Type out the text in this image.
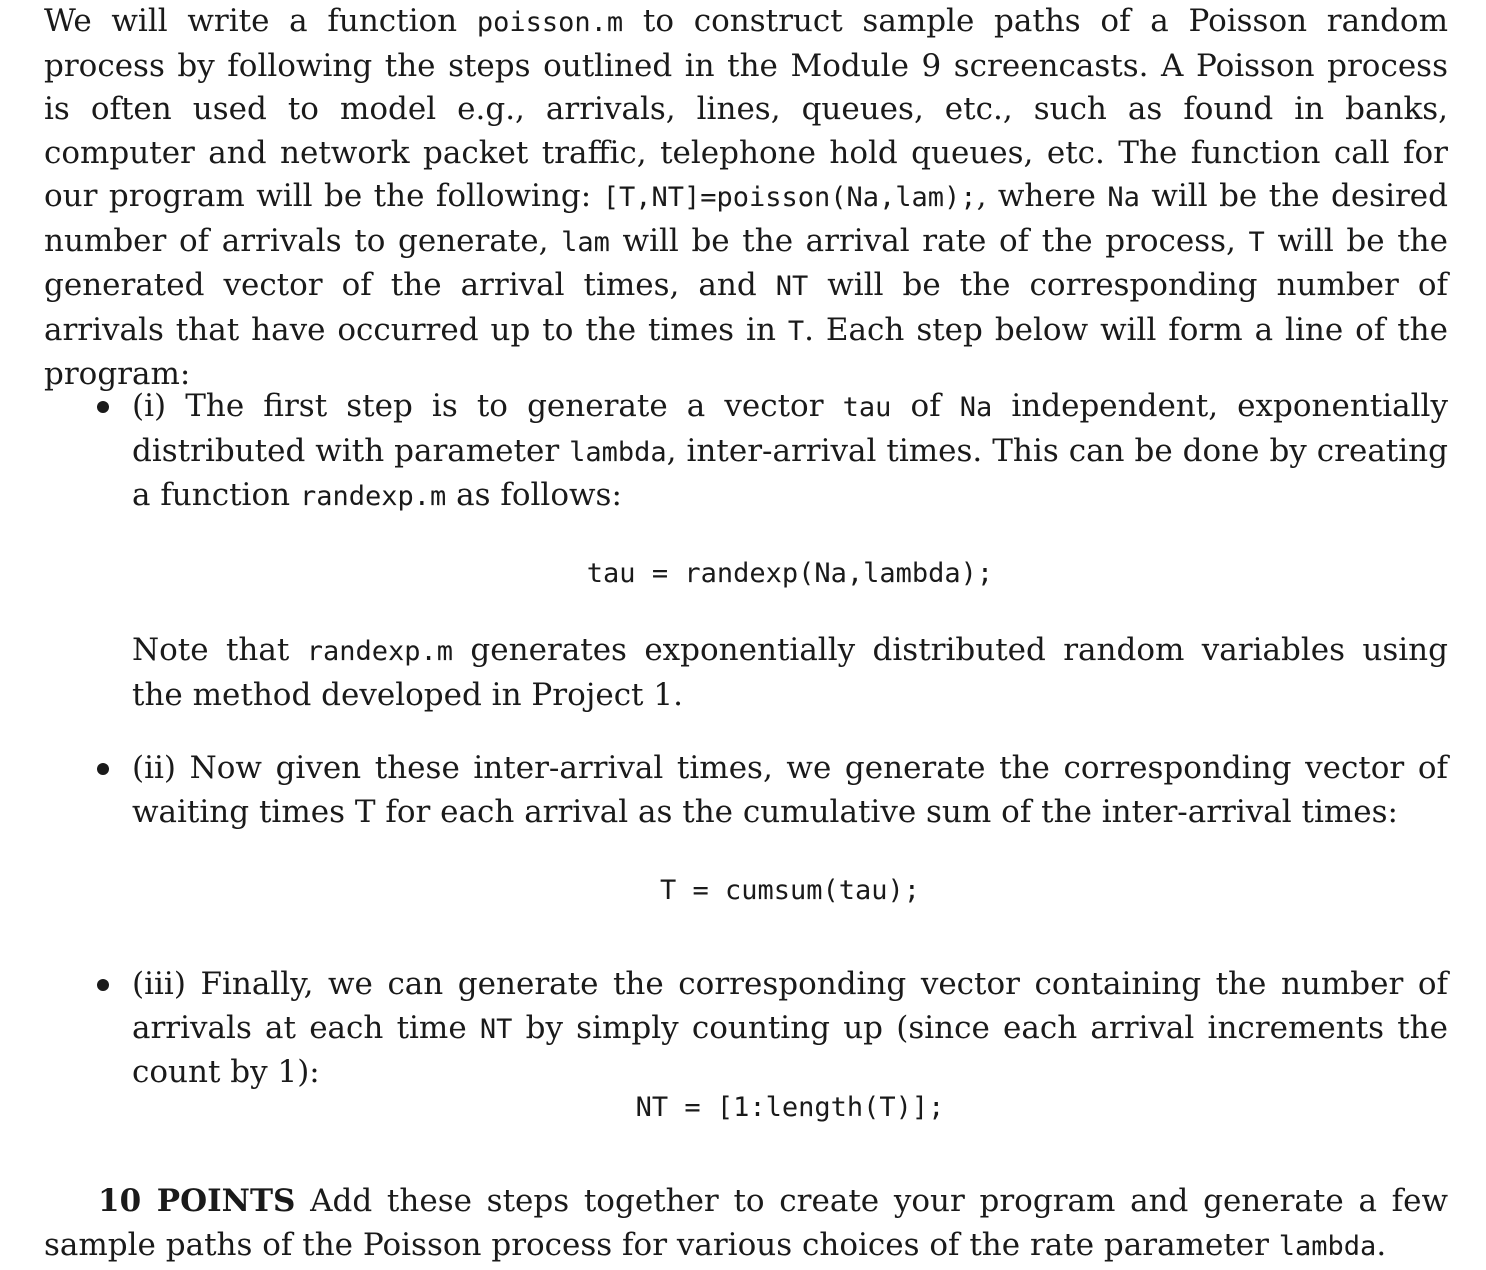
We will write a function poisson.m to construct sample paths of a Poisson random process by following the steps outlined in the Module 9 screencasts. A Poisson process is often used to model e.g., arrivals, lines, queues, etc., such as found in banks, computer and network packet traffic, telephone hold queues, etc. The function call for our program will be the following: [T,NT]=poisson(Na,lam);, where Na will be the desired number of arrivals to generate, lam will be the arrival rate of the process, T will be the generated vector of the arrival times, and NT will be the corresponding number of arrivals that have occurred up to the times in T. Each step below will form a line of the program:

(i) The first step is to generate a vector tau of Na independent, exponentially distributed with parameter lambda, inter-arrival times. This can be done by creating a function randexp.m as follows:

tau = randexp(Na,lambda);

Note that randexp.m generates exponentially distributed random variables using the method developed in Project 1.

(ii) Now given these inter-arrival times, we generate the corresponding vector of waiting times T for each arrival as the cumulative sum of the inter-arrival times:

T = cumsum(tau);

(iii) Finally, we can generate the corresponding vector containing the number of arrivals at each time NT by simply counting up (since each arrival increments the count by 1):

NT = [1:length(T)];

10 POINTS Add these steps together to create your program and generate a few sample paths of the Poisson process for various choices of the rate parameter lambda.
